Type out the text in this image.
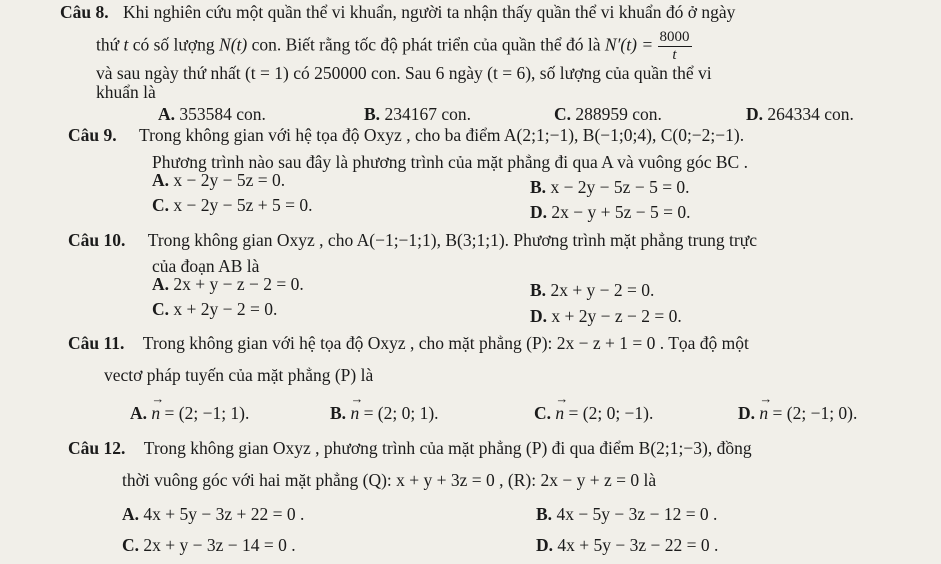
Câu 8. Khi nghiên cứu một quần thể vi khuẩn, người ta nhận thấy quần thể vi khuẩn đó ở ngày
thứ t có số lượng N(t) con. Biết rằng tốc độ phát triển của quần thể đó là $N'(t) = \frac{8000}{t}$
và sau ngày thứ nhất (t = 1) có 250000 con. Sau 6 ngày (t = 6), số lượng của quần thể vi
khuẩn là
A. 353584 con.	B. 234167 con.	C. 288959 con.	D. 264334 con.
Câu 9. Trong không gian với hệ tọa độ Oxyz , cho ba điểm A(2;1;−1), B(−1;0;4), C(0;−2;−1).
Phương trình nào sau đây là phương trình của mặt phẳng đi qua A và vuông góc BC .
A. x − 2y − 5z = 0.	B. x − 2y − 5z − 5 = 0.
C. x − 2y − 5z + 5 = 0.	D. 2x − y + 5z − 5 = 0.
Câu 10. Trong không gian Oxyz , cho A(−1;−1;1), B(3;1;1). Phương trình mặt phẳng trung trực
của đoạn AB là
A. 2x + y − z − 2 = 0.	B. 2x + y − 2 = 0.
C. x + 2y − 2 = 0.	D. x + 2y − z − 2 = 0.
Câu 11. Trong không gian với hệ tọa độ Oxyz , cho mặt phẳng (P): 2x − z + 1 = 0 . Tọa độ một
vectơ pháp tuyến của mặt phẳng (P) là
A. → n = (2; −1; 1).	B. → n = (2; 0; 1).	C. → n = (2; 0; −1).	D. → n = (2; −1; 0).
Câu 12. Trong không gian Oxyz , phương trình của mặt phẳng (P) đi qua điểm B(2;1;−3), đồng
thời vuông góc với hai mặt phẳng (Q): x + y + 3z = 0 , (R): 2x − y + z = 0 là
A. 4x + 5y − 3z + 22 = 0 .	B. 4x − 5y − 3z − 12 = 0 .
C. 2x + y − 3z − 14 = 0 .	D. 4x + 5y − 3z − 22 = 0 .
